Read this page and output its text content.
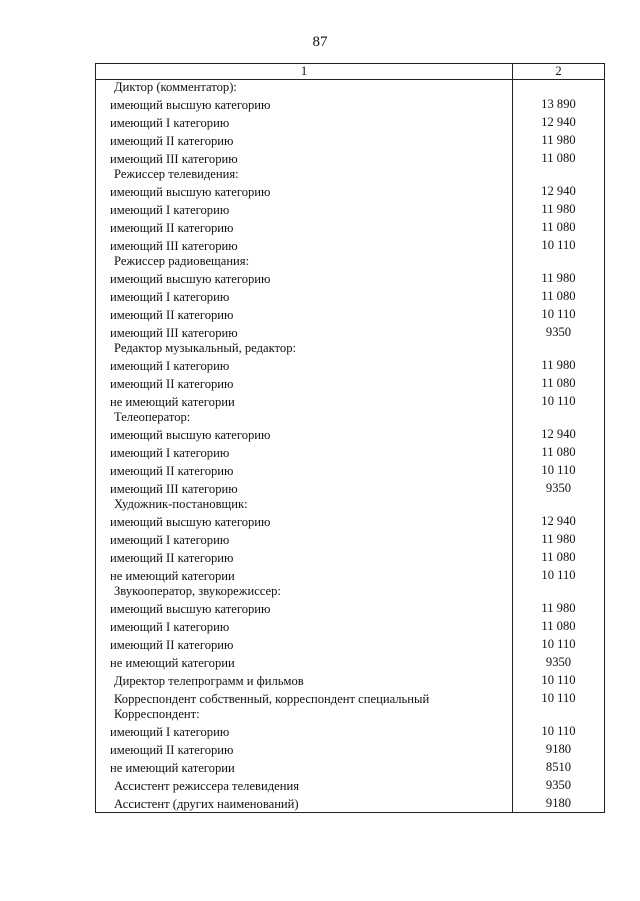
87
1	2
Диктор (комментатор):	
имеющий высшую категорию	13 890
имеющий I категорию	12 940
имеющий II категорию	11 980
имеющий III категорию	11 080
Режиссер телевидения:	
имеющий высшую категорию	12 940
имеющий I категорию	11 980
имеющий II категорию	11 080
имеющий III категорию	10 110
Режиссер радиовещания:	
имеющий высшую категорию	11 980
имеющий I категорию	11 080
имеющий II категорию	10 110
имеющий III категорию	9350
Редактор музыкальный, редактор:	
имеющий I категорию	11 980
имеющий II категорию	11 080
не имеющий категории	10 110
Телеоператор:	
имеющий высшую категорию	12 940
имеющий I категорию	11 080
имеющий II категорию	10 110
имеющий III категорию	9350
Художник-постановщик:	
имеющий высшую категорию	12 940
имеющий I категорию	11 980
имеющий II категорию	11 080
не имеющий категории	10 110
Звукооператор, звукорежиссер:	
имеющий высшую категорию	11 980
имеющий I категорию	11 080
имеющий II категорию	10 110
не имеющий категории	9350
Директор телепрограмм и фильмов	10 110
Корреспондент собственный, корреспондент специальный	10 110
Корреспондент:	
имеющий I категорию	10 110
имеющий II категорию	9180
не имеющий категории	8510
Ассистент режиссера телевидения	9350
Ассистент (других наименований)	9180
